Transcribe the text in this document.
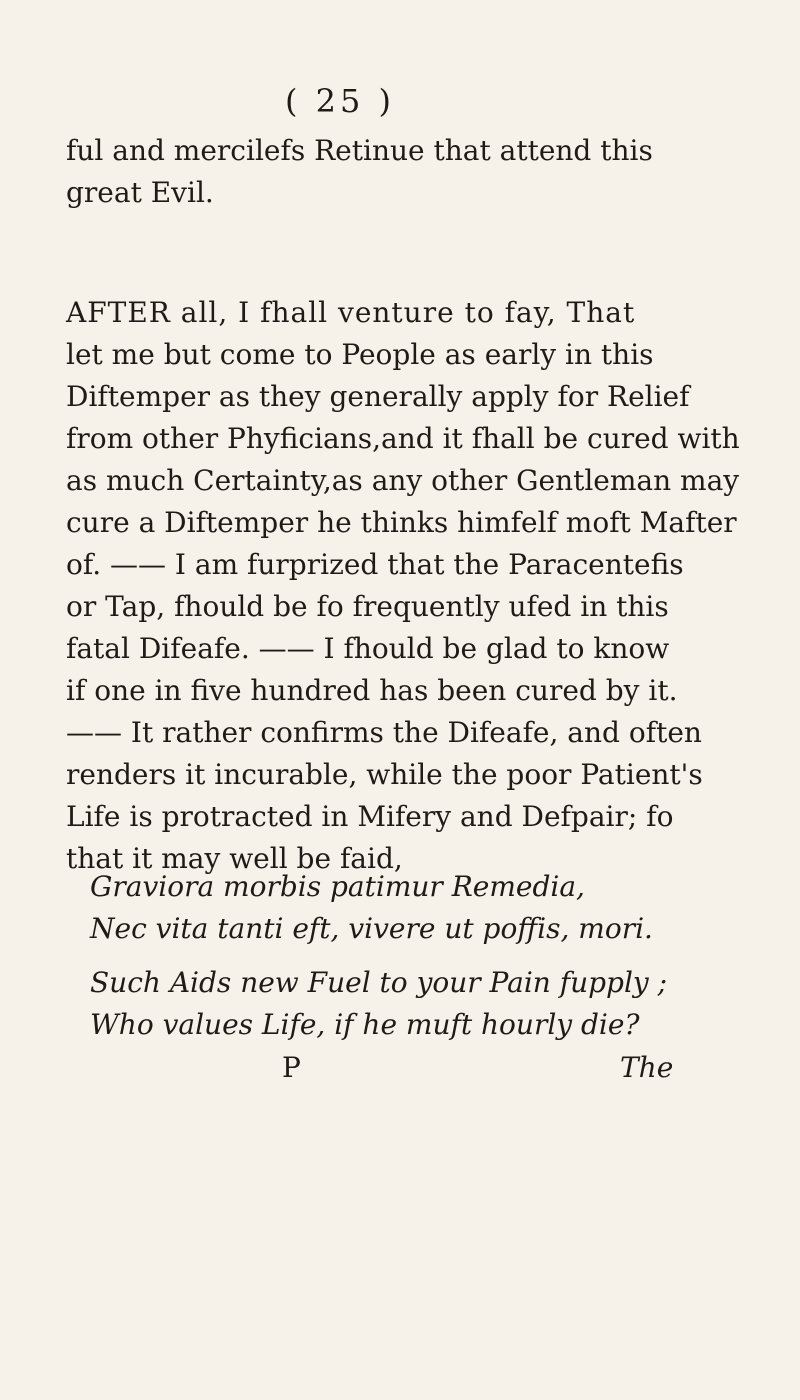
( 25 )
ful and mercilefs Retinue that attend this
great Evil.
AFTER all, I fhall venture to fay, That
let me but come to People as early in this
Diftemper as they generally apply for Relief
from other Phyficians,and it fhall be cured with
as much Certainty,as any other Gentleman may
cure a Diftemper he thinks himfelf moft Mafter
of. —— I am furprized that the Paracentefis
or Tap, fhould be fo frequently ufed in this
fatal Difeafe. —— I fhould be glad to know
if one in five hundred has been cured by it.
—— It rather confirms the Difeafe, and often
renders it incurable, while the poor Patient's
Life is protracted in Mifery and Defpair; fo
that it may well be faid,
Graviora morbis patimur Remedia,
Nec vita tanti eft, vivere ut poffis, mori.
Such Aids new Fuel to your Pain fupply ;
Who values Life, if he muft hourly die?
P	The
